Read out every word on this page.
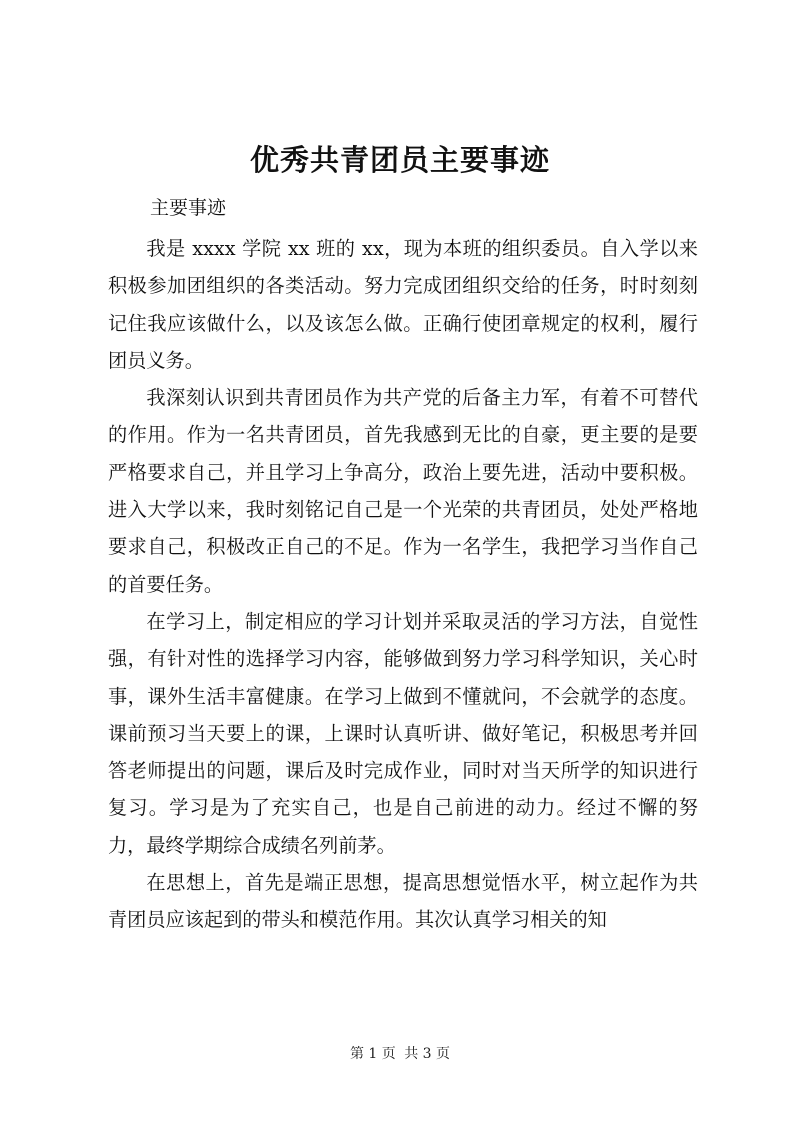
优秀共青团员主要事迹
主要事迹

我是 xxxx 学院 xx 班的 xx，现为本班的组织委员。自入学以来积极参加团组织的各类活动。努力完成团组织交给的任务，时时刻刻记住我应该做什么，以及该怎么做。正确行使团章规定的权利，履行团员义务。

我深刻认识到共青团员作为共产党的后备主力军，有着不可替代的作用。作为一名共青团员，首先我感到无比的自豪，更主要的是要严格要求自己，并且学习上争高分，政治上要先进，活动中要积极。进入大学以来，我时刻铭记自己是一个光荣的共青团员，处处严格地要求自己，积极改正自己的不足。作为一名学生，我把学习当作自己的首要任务。

在学习上，制定相应的学习计划并采取灵活的学习方法，自觉性强，有针对性的选择学习内容，能够做到努力学习科学知识，关心时事，课外生活丰富健康。在学习上做到不懂就问，不会就学的态度。课前预习当天要上的课，上课时认真听讲、做好笔记，积极思考并回答老师提出的问题，课后及时完成作业，同时对当天所学的知识进行复习。学习是为了充实自己，也是自己前进的动力。经过不懈的努力，最终学期综合成绩名列前茅。

在思想上，首先是端正思想，提高思想觉悟水平，树立起作为共青团员应该起到的带头和模范作用。其次认真学习相关的知

第 1 页 共 3 页
